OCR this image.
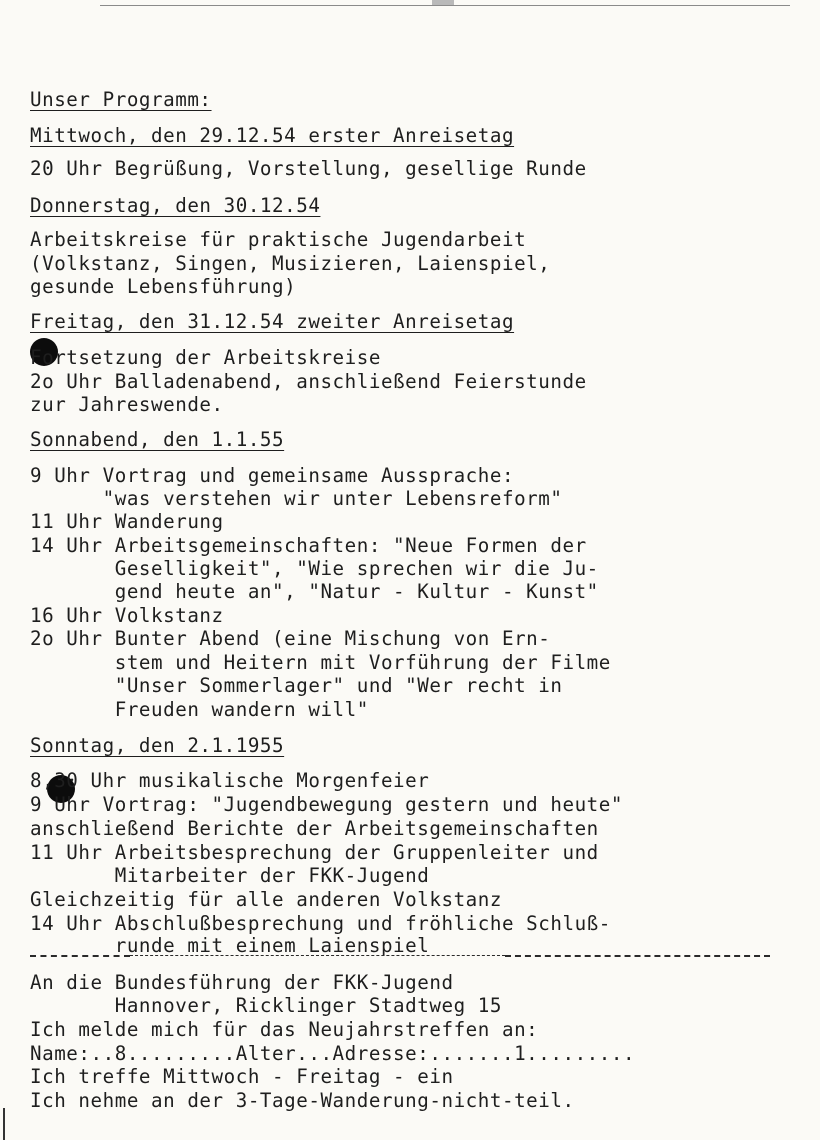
Unser Programm:

Mittwoch, den 29.12.54 erster Anreisetag

20 Uhr Begrüßung, Vorstellung, gesellige Runde

Donnerstag, den 30.12.54

Arbeitskreise für praktische Jugendarbeit

(Volkstanz, Singen, Musizieren, Laienspiel,

gesunde Lebensführung)

Freitag, den 31.12.54 zweiter Anreisetag

Fortsetzung der Arbeitskreise

2o Uhr Balladenabend, anschließend Feierstunde

zur Jahreswende.

Sonnabend, den 1.1.55

9 Uhr Vortrag und gemeinsame Aussprache:

"was verstehen wir unter Lebensreform"

11 Uhr Wanderung

14 Uhr Arbeitsgemeinschaften: "Neue Formen der

Geselligkeit", "Wie sprechen wir die Ju-

gend heute an", "Natur - Kultur - Kunst"

16 Uhr Volkstanz

2o Uhr Bunter Abend (eine Mischung von Ern-

stem und Heitern mit Vorführung der Filme

"Unser Sommerlager" und "Wer recht in

Freuden wandern will"

Sonntag, den 2.1.1955

8,30 Uhr musikalische Morgenfeier

9 Uhr Vortrag: "Jugendbewegung gestern und heute"

anschließend Berichte der Arbeitsgemeinschaften

11 Uhr Arbeitsbesprechung der Gruppenleiter und

Mitarbeiter der FKK-Jugend

Gleichzeitig für alle anderen Volkstanz

14 Uhr Abschlußbesprechung und fröhliche Schluß-

runde mit einem Laienspiel

An die Bundesführung der FKK-Jugend

Hannover, Ricklinger Stadtweg 15

Ich melde mich für das Neujahrstreffen an:

Name:..8.........Alter...Adresse:.......1.........

Ich treffe Mittwoch - Freitag - ein

Ich nehme an der 3-Tage-Wanderung-nicht-teil.
